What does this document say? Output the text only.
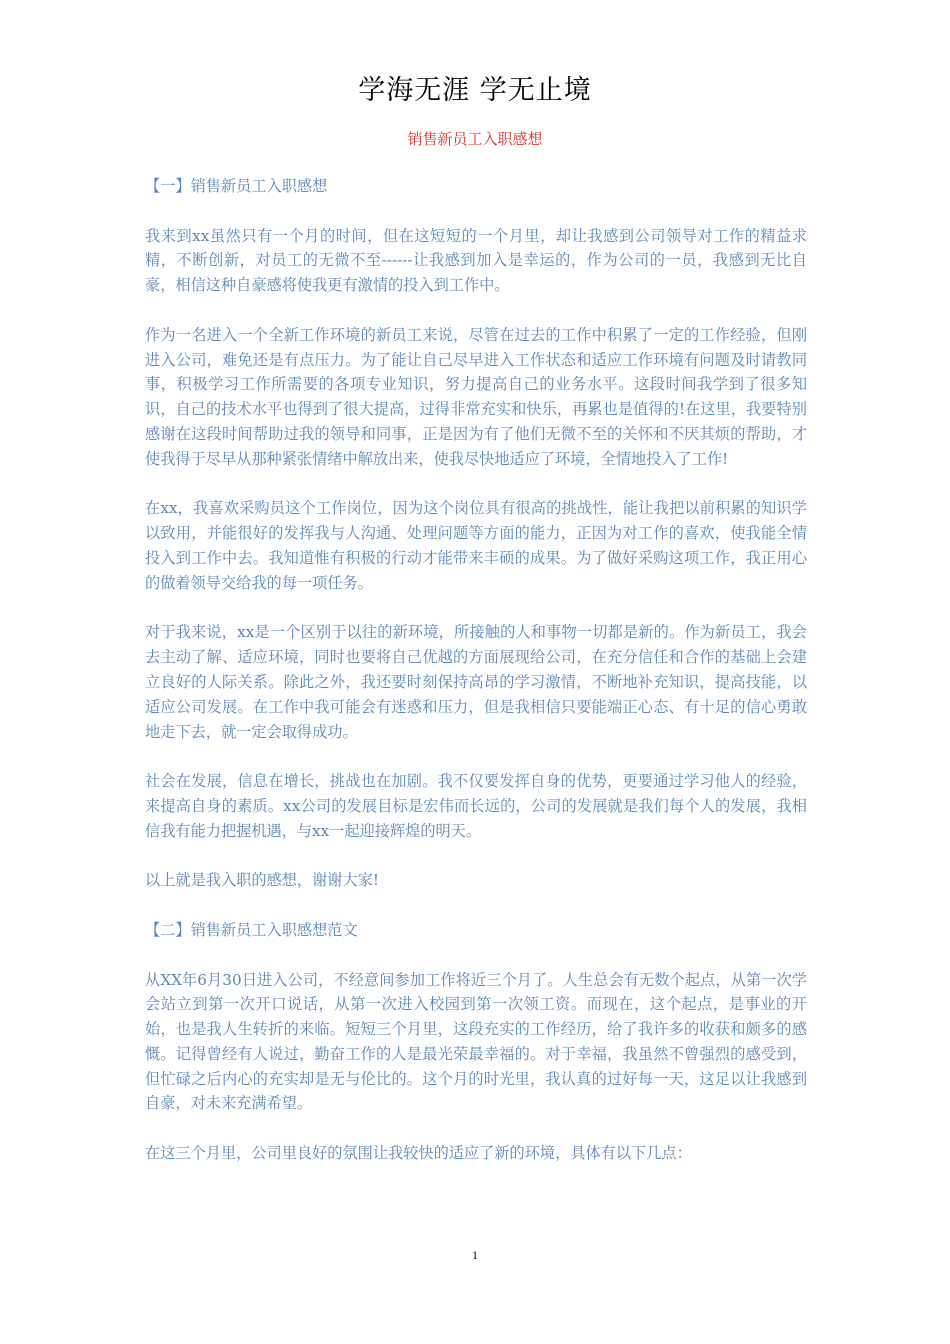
学海无涯 学无止境
销售新员工入职感想

【一】销售新员工入职感想

我来到xx虽然只有一个月的时间，但在这短短的一个月里，却让我感到公司领导对工作的精益求精，不断创新，对员工的无微不至------让我感到加入是幸运的，作为公司的一员，我感到无比自豪，相信这种自豪感将使我更有激情的投入到工作中。

作为一名进入一个全新工作环境的新员工来说，尽管在过去的工作中积累了一定的工作经验，但刚进入公司，难免还是有点压力。为了能让自己尽早进入工作状态和适应工作环境有问题及时请教同事，积极学习工作所需要的各项专业知识，努力提高自己的业务水平。这段时间我学到了很多知识，自己的技术水平也得到了很大提高，过得非常充实和快乐，再累也是值得的!在这里，我要特别感谢在这段时间帮助过我的领导和同事，正是因为有了他们无微不至的关怀和不厌其烦的帮助，才使我得于尽早从那种紧张情绪中解放出来，使我尽快地适应了环境，全情地投入了工作!

在xx，我喜欢采购员这个工作岗位，因为这个岗位具有很高的挑战性，能让我把以前积累的知识学以致用，并能很好的发挥我与人沟通、处理问题等方面的能力，正因为对工作的喜欢，使我能全情投入到工作中去。我知道惟有积极的行动才能带来丰硕的成果。为了做好采购这项工作，我正用心的做着领导交给我的每一项任务。

对于我来说，xx是一个区别于以往的新环境，所接触的人和事物一切都是新的。作为新员工，我会去主动了解、适应环境，同时也要将自己优越的方面展现给公司，在充分信任和合作的基础上会建立良好的人际关系。除此之外，我还要时刻保持高昂的学习激情，不断地补充知识，提高技能，以适应公司发展。在工作中我可能会有迷惑和压力，但是我相信只要能端正心态、有十足的信心勇敢地走下去，就一定会取得成功。

社会在发展，信息在增长，挑战也在加剧。我不仅要发挥自身的优势，更要通过学习他人的经验，来提高自身的素质。xx公司的发展目标是宏伟而长远的，公司的发展就是我们每个人的发展，我相信我有能力把握机遇，与xx一起迎接辉煌的明天。

以上就是我入职的感想，谢谢大家!

【二】销售新员工入职感想范文

从XX年6月30日进入公司，不经意间参加工作将近三个月了。人生总会有无数个起点，从第一次学会站立到第一次开口说话，从第一次进入校园到第一次领工资。而现在，这个起点，是事业的开始，也是我人生转折的来临。短短三个月里，这段充实的工作经历，给了我许多的收获和颇多的感慨。记得曾经有人说过，勤奋工作的人是最光荣最幸福的。对于幸福，我虽然不曾强烈的感受到，但忙碌之后内心的充实却是无与伦比的。这个月的时光里，我认真的过好每一天，这足以让我感到自豪，对未来充满希望。

在这三个月里，公司里良好的氛围让我较快的适应了新的环境，具体有以下几点：

1
